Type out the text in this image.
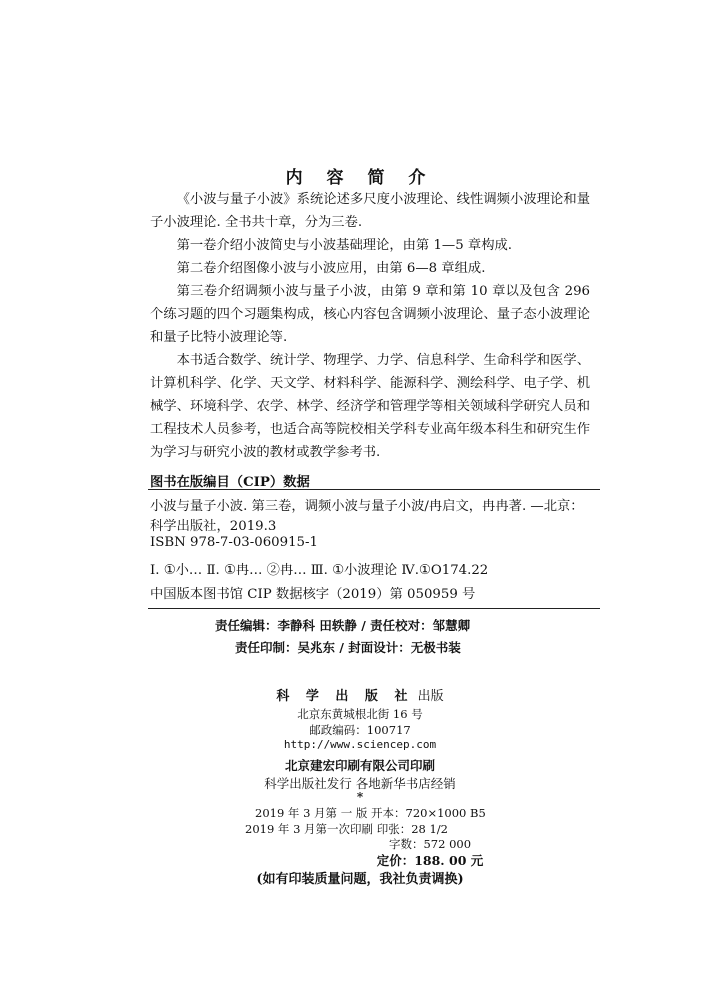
内 容 简 介

《小波与量子小波》系统论述多尺度小波理论、线性调频小波理论和量子小波理论. 全书共十章，分为三卷.

第一卷介绍小波简史与小波基础理论，由第 1—5 章构成.

第二卷介绍图像小波与小波应用，由第 6—8 章组成.

第三卷介绍调频小波与量子小波，由第 9 章和第 10 章以及包含 296 个练习题的四个习题集构成，核心内容包含调频小波理论、量子态小波理论和量子比特小波理论等.

本书适合数学、统计学、物理学、力学、信息科学、生命科学和医学、计算机科学、化学、天文学、材料科学、能源科学、测绘科学、电子学、机械学、环境科学、农学、林学、经济学和管理学等相关领域科学研究人员和工程技术人员参考，也适合高等院校相关学科专业高年级本科生和研究生作为学习与研究小波的教材或教学参考书.

图书在版编目（CIP）数据
小波与量子小波. 第三卷，调频小波与量子小波/冉启文，冉冉著. —北京：
科学出版社，2019.3
ISBN 978-7-03-060915-1
Ⅰ. ①小… Ⅱ. ①冉… ②冉… Ⅲ. ①小波理论 Ⅳ.①O174.22
中国版本图书馆 CIP 数据核字（2019）第 050959 号
责任编辑：李静科 田轶静 / 责任校对：邹慧卿
责任印制：吴兆东 / 封面设计：无极书装
科 学 出 版 社 出版
北京东黄城根北街 16 号
邮政编码：100717
http://www.sciencep.com
北京建宏印刷有限公司印刷
科学出版社发行 各地新华书店经销
*
2019 年 3 月第 一 版 开本：720×1000 B5
2019 年 3 月第一次印刷 印张：28 1/2
字数：572 000
定价：188. 00 元
(如有印装质量问题，我社负责调换)
